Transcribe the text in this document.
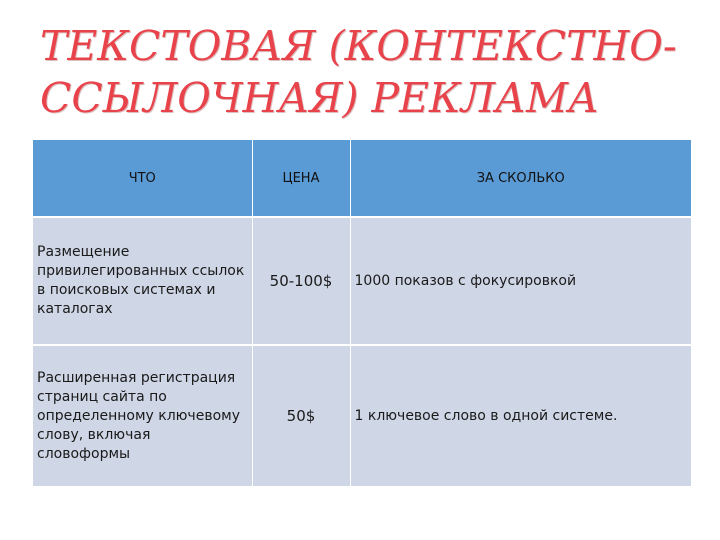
ТЕКСТОВАЯ (КОНТЕКСТНО-
ССЫЛОЧНАЯ) РЕКЛАМА
ЧТО	ЦЕНА	ЗА СКОЛЬКО
Размещение привилегированных ссылок в поисковых системах и каталогах	50-100$	1000 показов с фокусировкой
Расширенная регистрация страниц сайта по определенному ключевому слову, включая словоформы	50$	1 ключевое слово в одной системе.
